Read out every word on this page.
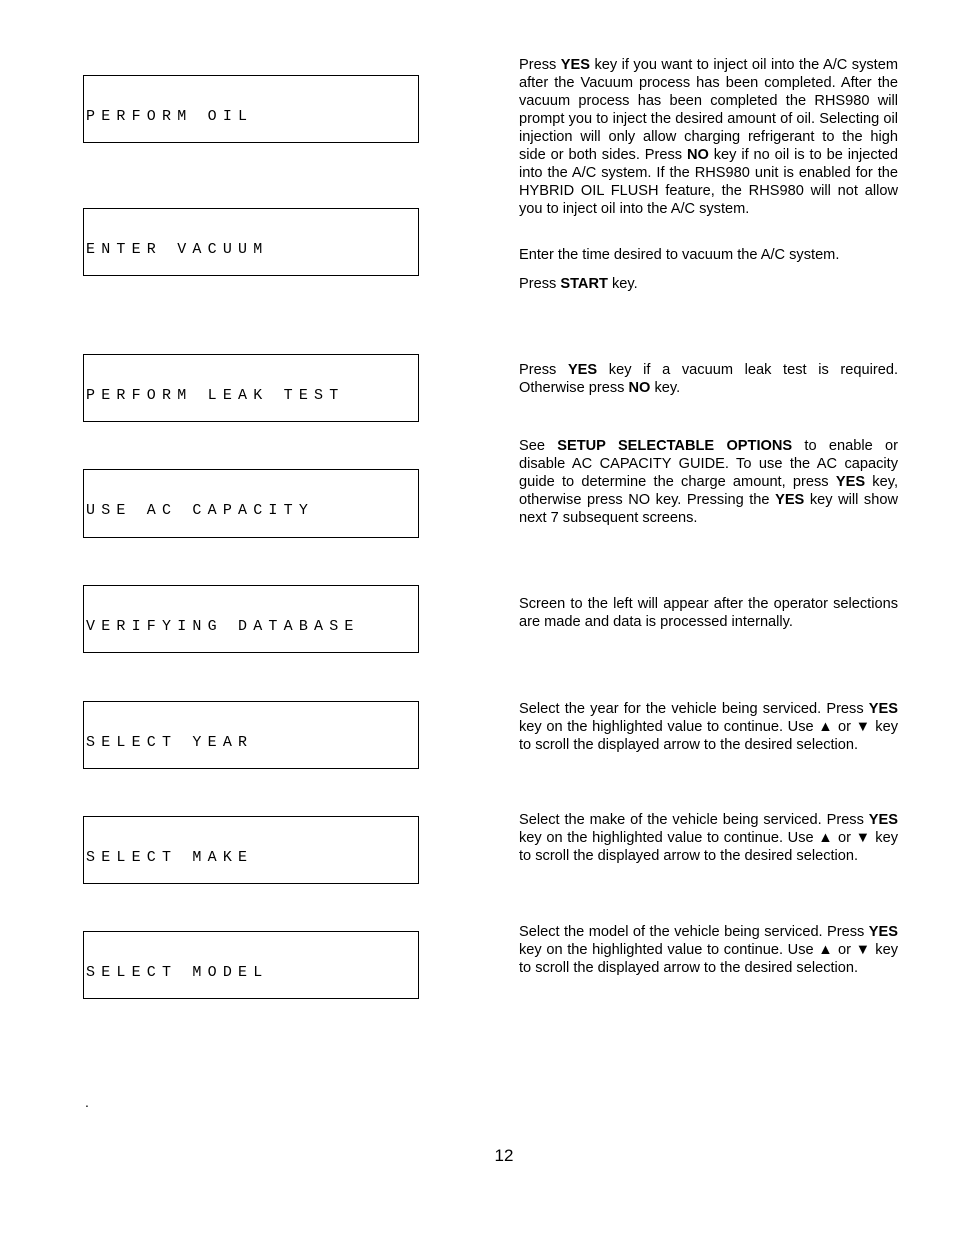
PERFORM OIL

Press YES key if you want to inject oil into the A/C system after the Vacuum process has been completed. After the vacuum process has been completed the RHS980 will prompt you to inject the desired amount of oil. Selecting oil injection will only allow charging refrigerant to the high side or both sides. Press NO key if no oil is to be injected into the A/C system. If the RHS980 unit is enabled for the HYBRID OIL FLUSH feature, the RHS980 will not allow you to inject oil into the A/C system.

ENTER VACUUM

	Enter the time desired to vacuum the A/C system.

Press START key.

PERFORM LEAK TEST

Press YES key if a vacuum leak test is required. Otherwise press NO key.

USE AC CAPACITY

See SETUP SELECTABLE OPTIONS to enable or disable AC CAPACITY GUIDE. To use the AC capacity guide to determine the charge amount, press YES key, otherwise press NO key. Pressing the YES key will show next 7 subsequent screens.

VERIFYING DATABASE

Screen to the left will appear after the operator selections are made and data is processed internally.

SELECT YEAR

Select the year for the vehicle being serviced. Press YES key on the highlighted value to continue. Use ▲ or ▼ key to scroll the displayed arrow to the desired selection.

SELECT MAKE

Select the make of the vehicle being serviced. Press YES key on the highlighted value to continue. Use ▲ or ▼ key to scroll the displayed arrow to the desired selection.

SELECT MODEL

Select the model of the vehicle being serviced. Press YES key on the highlighted value to continue. Use ▲ or ▼ key to scroll the displayed arrow to the desired selection.

.
12
